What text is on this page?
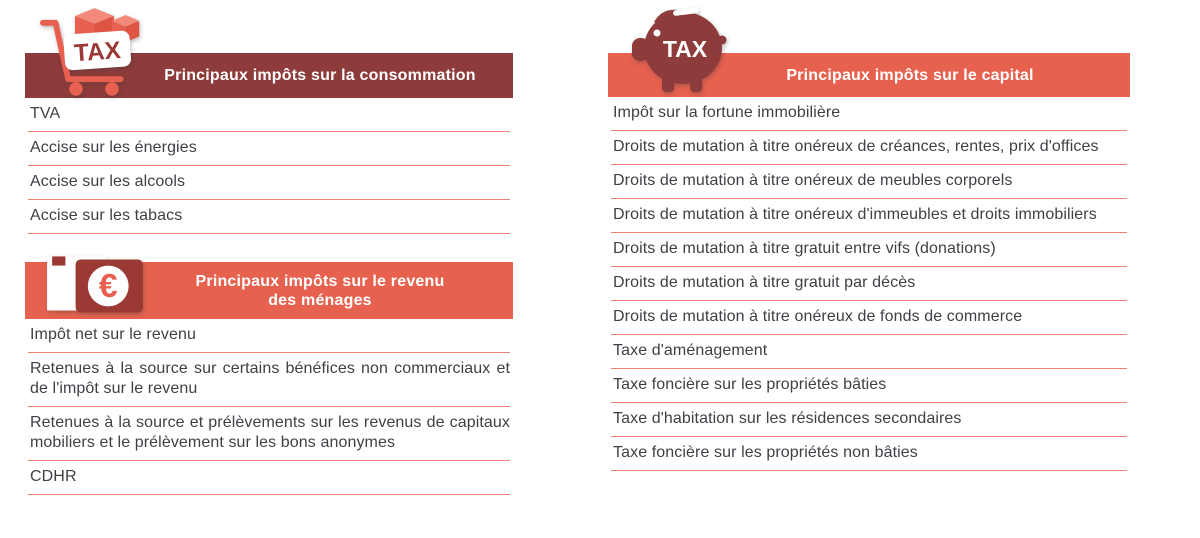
TAX
Principaux impôts sur la consommation
TVA
Accise sur les énergies
Accise sur les alcools
Accise sur les tabacs
€	Principaux impôts sur le revenu
des ménages
Impôt net sur le revenu
Retenues à la source sur certains bénéfices non commerciaux et de l'impôt sur le revenu
Retenues à la source et prélèvements sur les revenus de capitaux mobiliers et le prélèvement sur les bons anonymes
CDHR
TAX
Principaux impôts sur le capital
Impôt sur la fortune immobilière
Droits de mutation à titre onéreux de créances, rentes, prix d'offices
Droits de mutation à titre onéreux de meubles corporels
Droits de mutation à titre onéreux d'immeubles et droits immobiliers
Droits de mutation à titre gratuit entre vifs (donations)
Droits de mutation à titre gratuit par décès
Droits de mutation à titre onéreux de fonds de commerce
Taxe d'aménagement
Taxe foncière sur les propriétés bâties
Taxe d'habitation sur les résidences secondaires
Taxe foncière sur les propriétés non bâties
